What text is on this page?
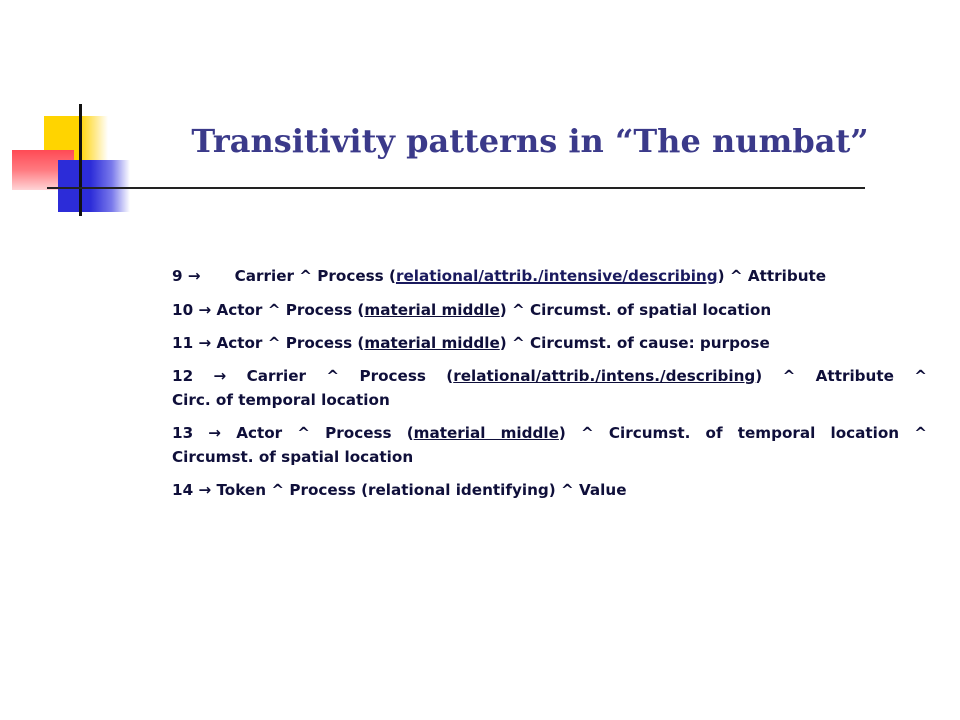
Transitivity patterns in “The numbat”
9 → Carrier ^ Process (relational/attrib./intensive/describing) ^ Attribute
10 → Actor ^ Process (material middle) ^ Circumst. of spatial location
11 → Actor ^ Process (material middle) ^ Circumst. of cause: purpose
12 → Carrier ^ Process (relational/attrib./intens./describing) ^ Attribute ^
Circ. of temporal location
13 → Actor ^ Process (material middle) ^ Circumst. of temporal location ^
Circumst. of spatial location
14 → Token ^ Process (relational identifying) ^ Value
